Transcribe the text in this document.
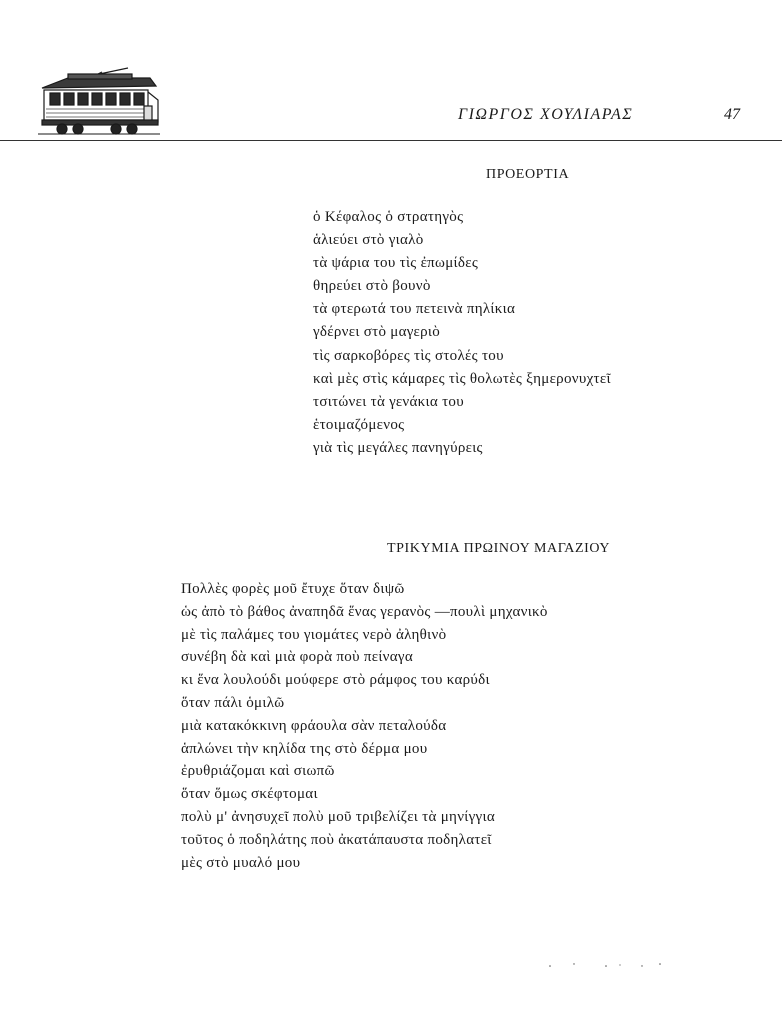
ΓΙΩΡΓΟΣ ΧΟΥΛΙΑΡΑΣ	47
ΠΡΟΕΟΡΤΙΑ
ὁ Κέφαλος ὁ στρατηγὸς
ἁλιεύει στὸ γιαλὸ
τὰ ψάρια του τὶς ἐπωμίδες
θηρεύει στὸ βουνὸ
τὰ φτερωτά του πετεινὰ πηλίκια
γδέρνει στὸ μαγεριὸ
τὶς σαρκοβόρες τὶς στολές του
καὶ μὲς στὶς κάμαρες τὶς θολωτὲς ξημερονυχτεῖ
τσιτώνει τὰ γενάκια του
ἑτοιμαζόμενος
γιὰ τὶς μεγάλες πανηγύρεις
ΤΡΙΚΥΜΙΑ ΠΡΩΙΝΟΥ ΜΑΓΑΖΙΟΥ
Πολλὲς φορὲς μοῦ ἔτυχε ὅταν διψῶ
ὡς ἀπὸ τὸ βάθος ἀναπηδᾶ ἕνας γερανὸς —πουλὶ μηχανικὸ
μὲ τὶς παλάμες του γιομάτες νερὸ ἀληθινὸ
συνέβη δὰ καὶ μιὰ φορὰ ποὺ πείναγα
κι ἕνα λουλούδι μούφερε στὸ ράμφος του καρύδι
ὅταν πάλι ὁμιλῶ
μιὰ κατακόκκινη φράουλα σὰν πεταλούδα
ἁπλώνει τὴν κηλίδα της στὸ δέρμα μου
ἐρυθριάζομαι καὶ σιωπῶ
ὅταν ὅμως σκέφτομαι
πολὺ μ' ἀνησυχεῖ πολὺ μοῦ τριβελίζει τὰ μηνίγγια
τοῦτος ὁ ποδηλάτης ποὺ ἀκατάπαυστα ποδηλατεῖ
μὲς στὸ μυαλό μου
